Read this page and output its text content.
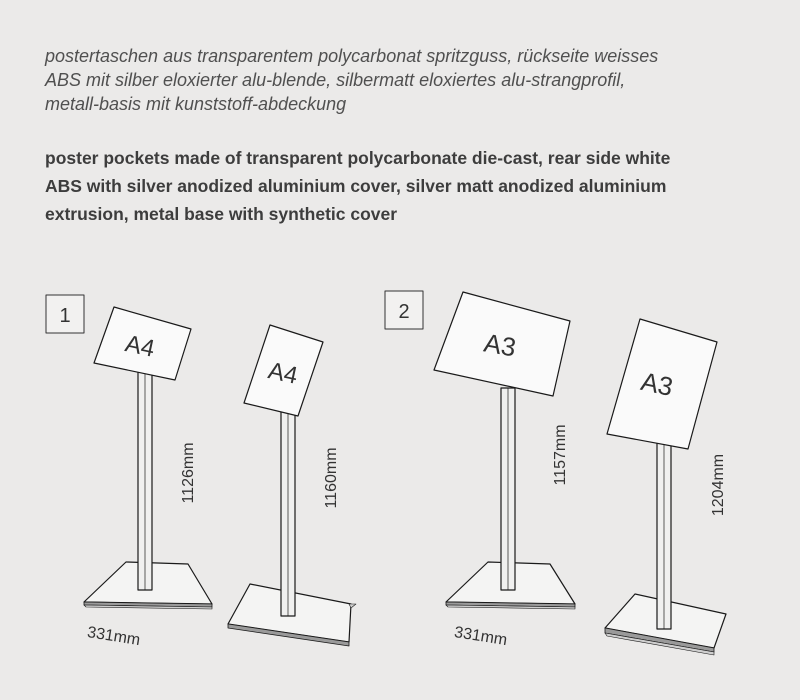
postertaschen aus transparentem polycarbonat spritzguss, rückseite weisses
ABS mit silber eloxierter alu-blende, silbermatt eloxiertes alu-strangprofil,
metall-basis mit kunststoff-abdeckung
poster pockets made of transparent polycarbonate die-cast, rear side white
ABS with silver anodized aluminium cover, silver matt anodized aluminium
extrusion, metal base with synthetic cover
1	2
A4
A4
A3
A3
1126mm	1160mm	1157mm	1204mm
331mm	331mm
